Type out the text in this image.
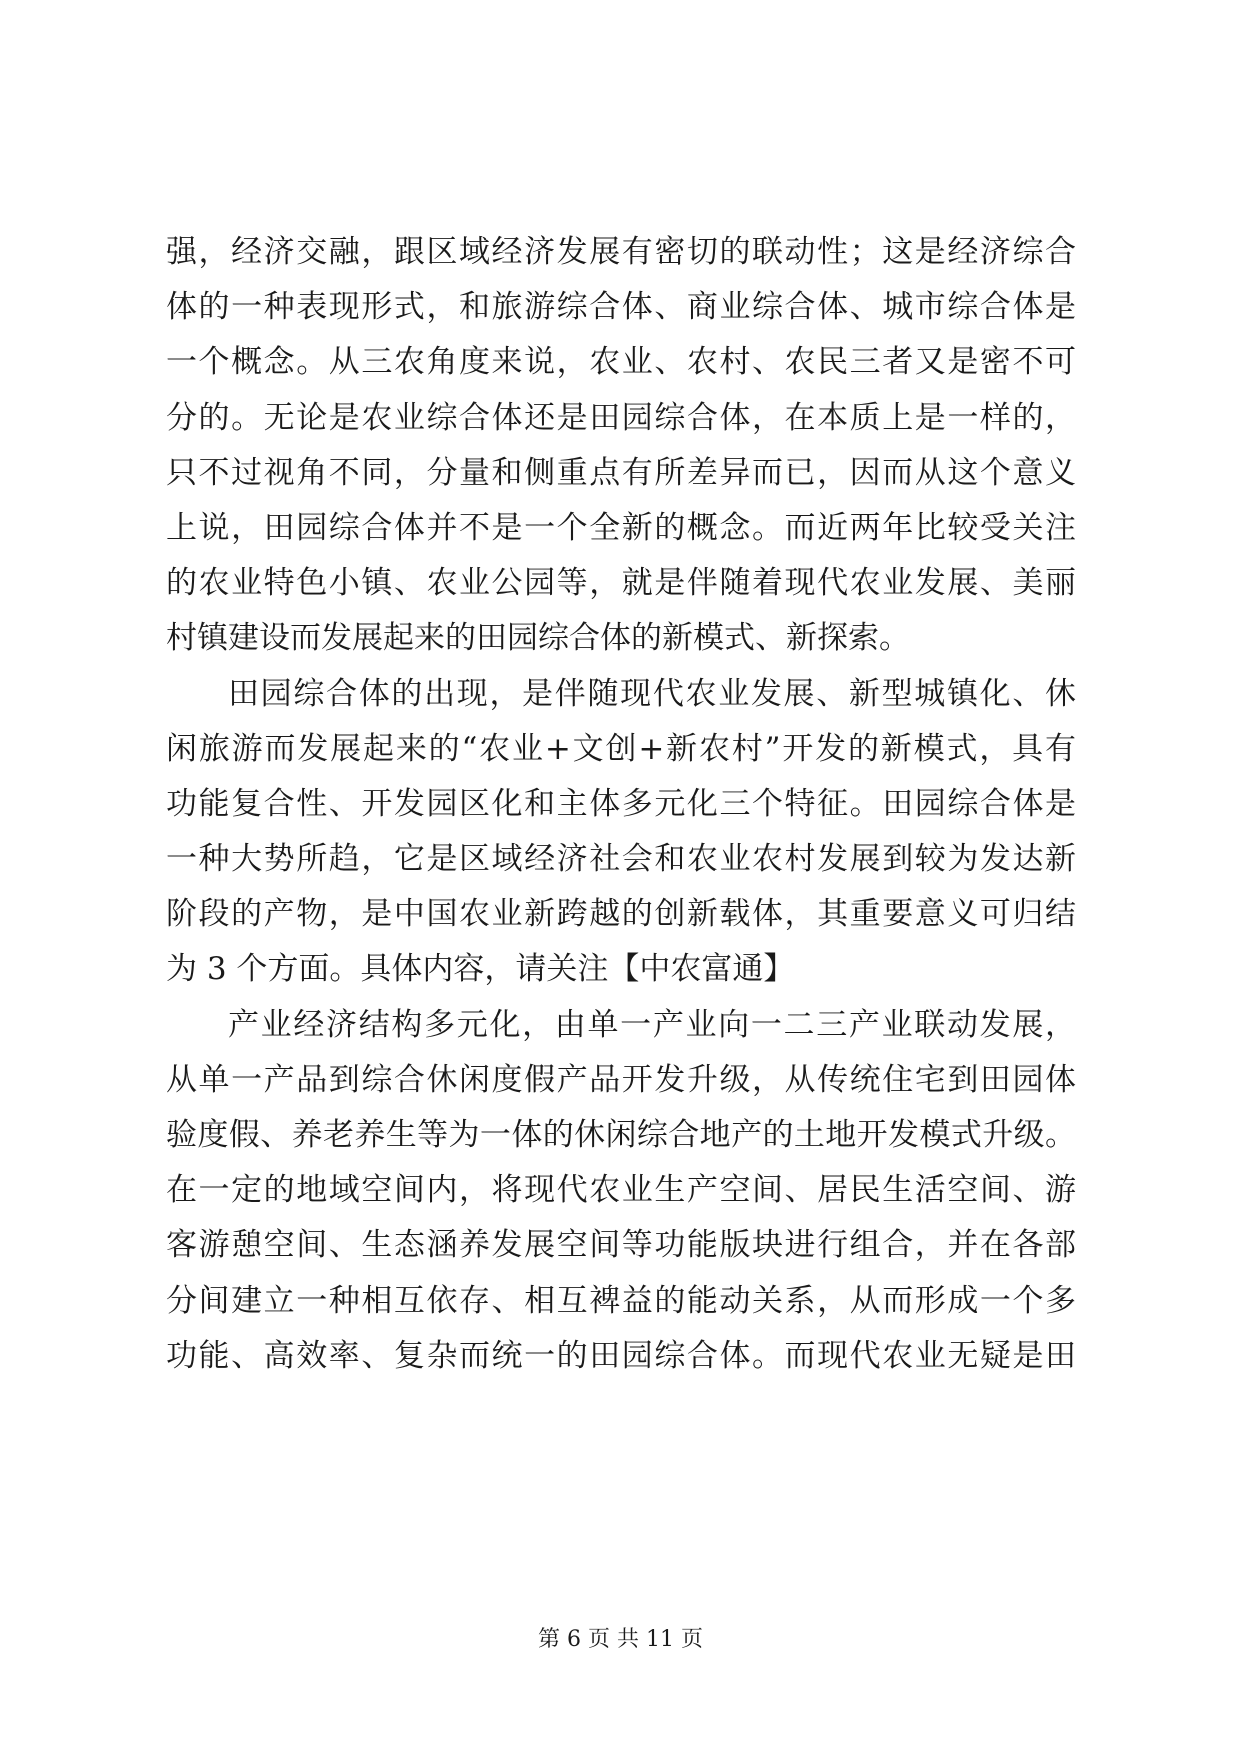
强，经济交融，跟区域经济发展有密切的联动性；这是经济综合
体的一种表现形式，和旅游综合体、商业综合体、城市综合体是
一个概念。从三农角度来说，农业、农村、农民三者又是密不可
分的。无论是农业综合体还是田园综合体，在本质上是一样的，
只不过视角不同，分量和侧重点有所差异而已，因而从这个意义
上说，田园综合体并不是一个全新的概念。而近两年比较受关注
的农业特色小镇、农业公园等，就是伴随着现代农业发展、美丽
村镇建设而发展起来的田园综合体的新模式、新探索。

田园综合体的出现，是伴随现代农业发展、新型城镇化、休
闲旅游而发展起来的“农业+文创+新农村”开发的新模式，具有
功能复合性、开发园区化和主体多元化三个特征。田园综合体是
一种大势所趋，它是区域经济社会和农业农村发展到较为发达新
阶段的产物，是中国农业新跨越的创新载体，其重要意义可归结
为 3 个方面。具体内容，请关注【中农富通】

产业经济结构多元化，由单一产业向一二三产业联动发展，
从单一产品到综合休闲度假产品开发升级，从传统住宅到田园体
验度假、养老养生等为一体的休闲综合地产的土地开发模式升级。
在一定的地域空间内，将现代农业生产空间、居民生活空间、游
客游憩空间、生态涵养发展空间等功能版块进行组合，并在各部
分间建立一种相互依存、相互裨益的能动关系，从而形成一个多
功能、高效率、复杂而统一的田园综合体。而现代农业无疑是田

第 6 页 共 11 页
